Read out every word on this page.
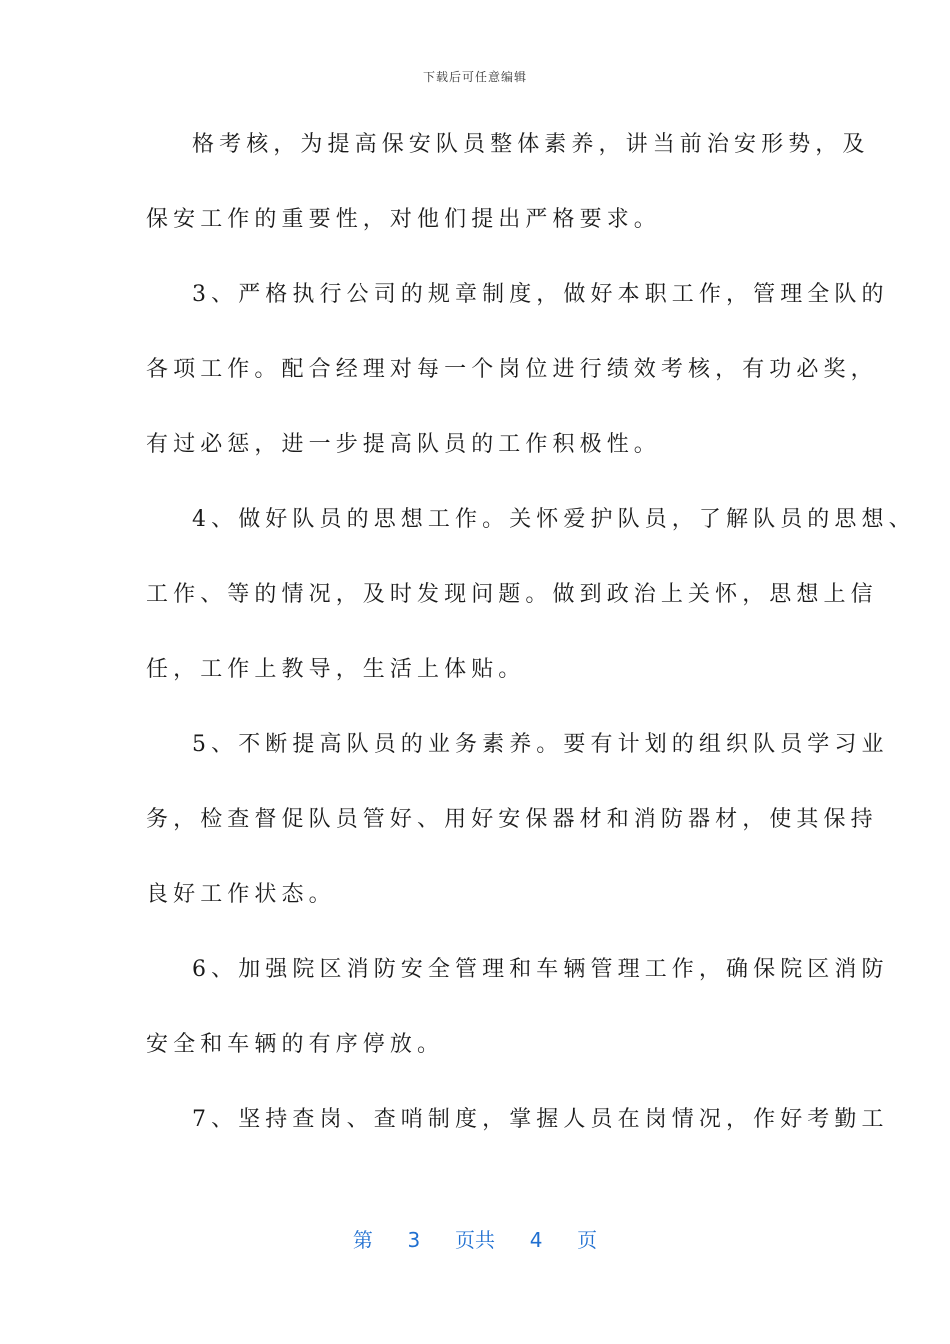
下载后可任意编辑
格考核，为提高保安队员整体素养，讲当前治安形势，及
保安工作的重要性，对他们提出严格要求。
3、严格执行公司的规章制度，做好本职工作，管理全队的
各项工作。配合经理对每一个岗位进行绩效考核，有功必奖，
有过必惩，进一步提高队员的工作积极性。
4、做好队员的思想工作。关怀爱护队员，了解队员的思想、
工作、等的情况，及时发现问题。做到政治上关怀，思想上信
任，工作上教导，生活上体贴。
5、不断提高队员的业务素养。要有计划的组织队员学习业
务，检查督促队员管好、用好安保器材和消防器材，使其保持
良好工作状态。
6、加强院区消防安全管理和车辆管理工作，确保院区消防
安全和车辆的有序停放。
7、坚持查岗、查哨制度，掌握人员在岗情况，作好考勤工
第 3 页共 4 页
